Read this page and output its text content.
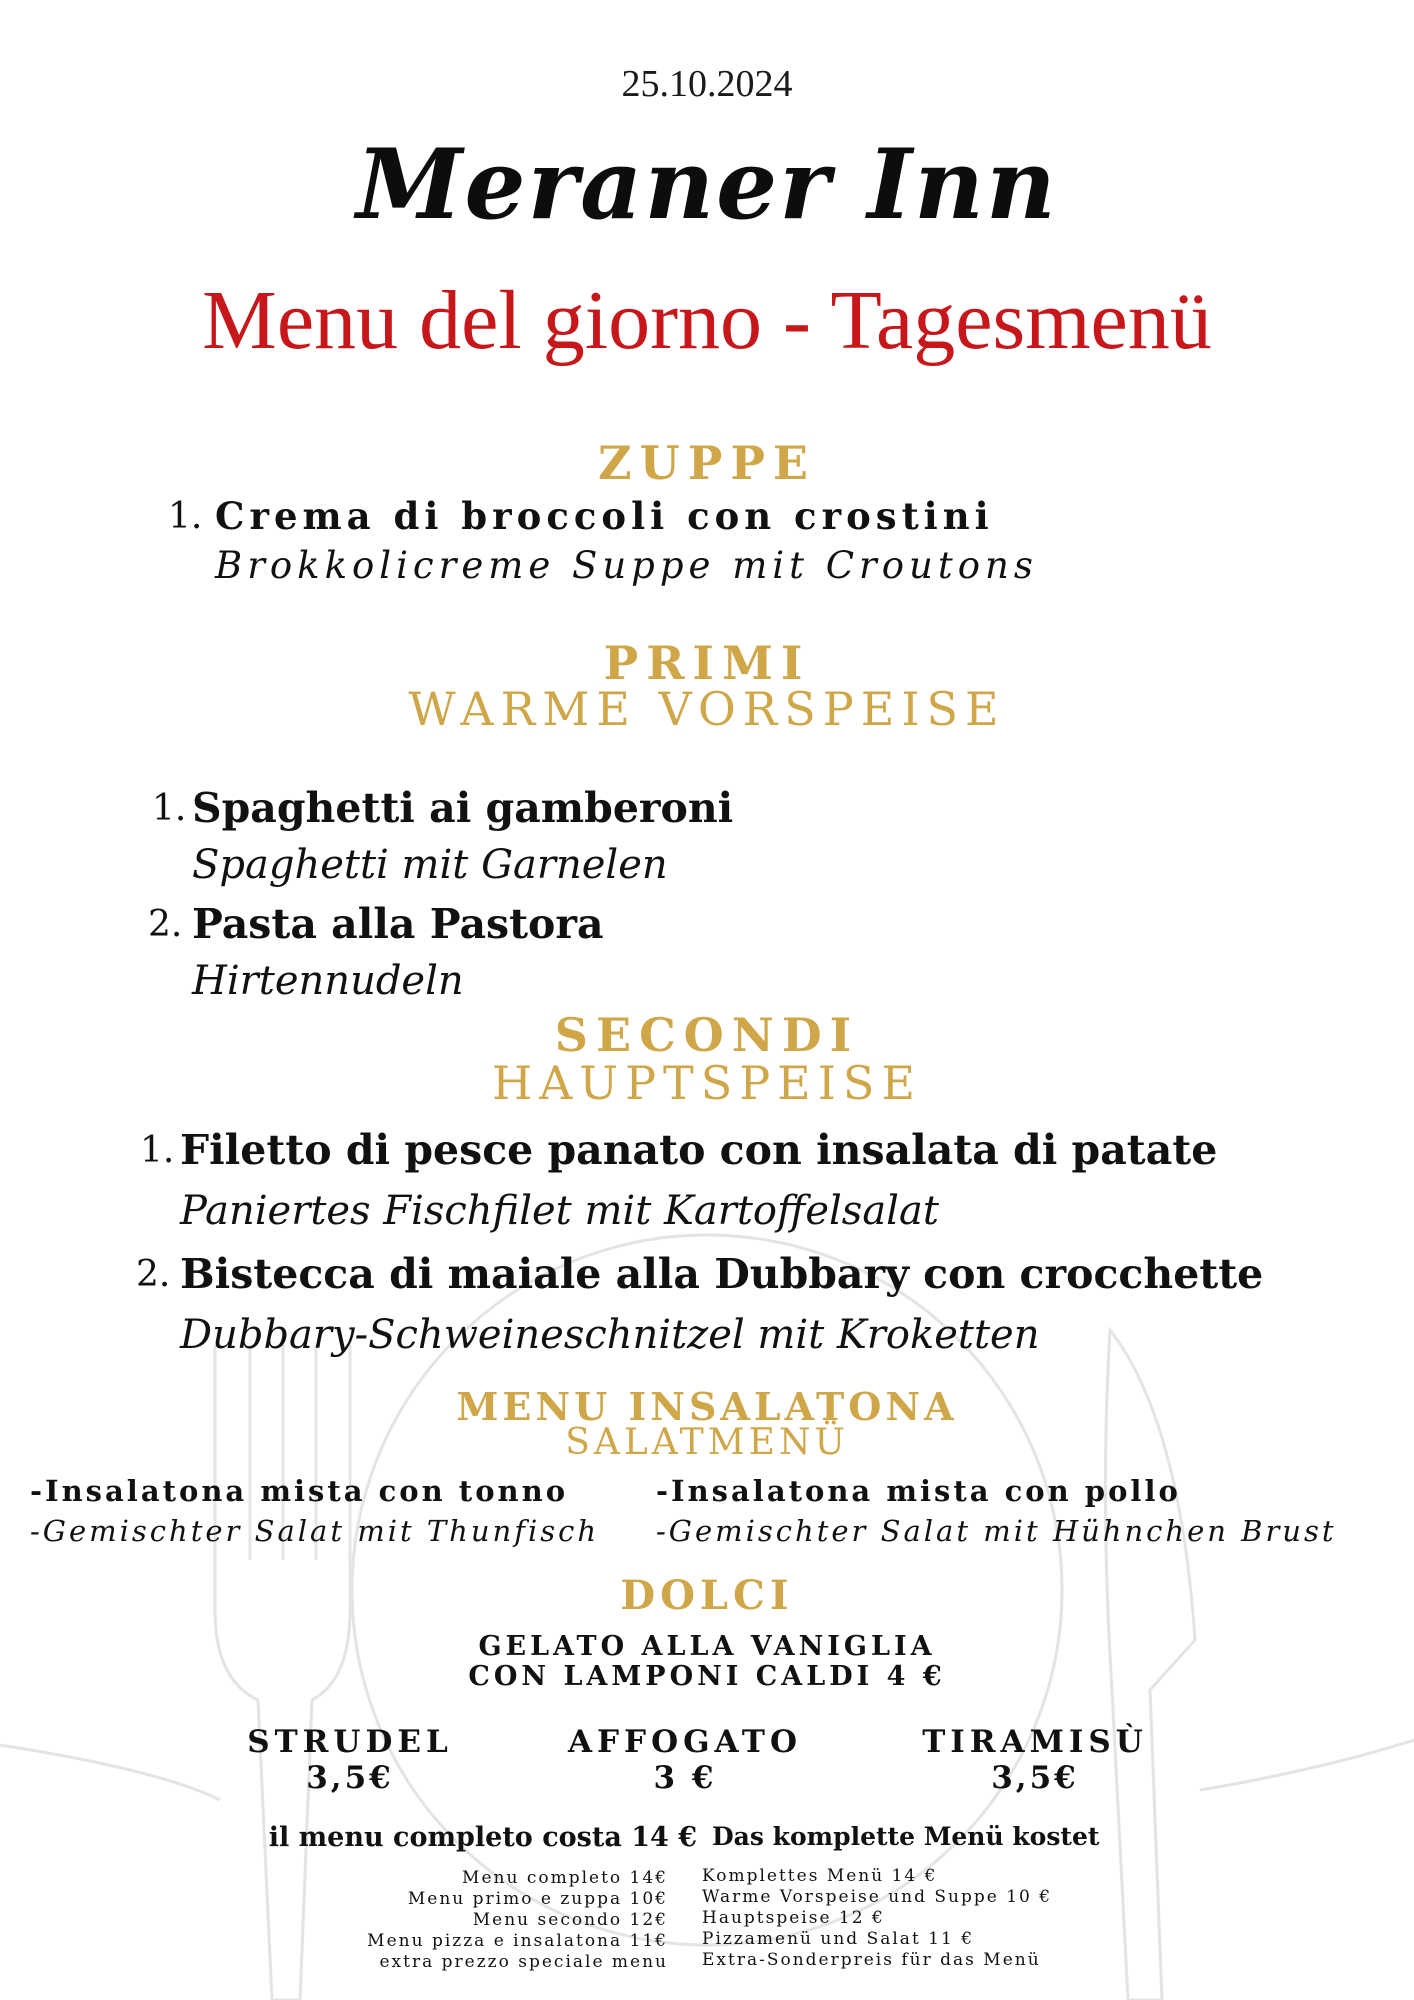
25.10.2024
Meraner Inn
Menu del giorno - Tagesmenü
ZUPPE
1. Crema di broccoli con crostini
Brokkolicreme Suppe mit Croutons
PRIMI
WARME VORSPEISE
1. Spaghetti ai gamberoni
Spaghetti mit Garnelen
2. Pasta alla Pastora
Hirtennudeln
SECONDI
HAUPTSPEISE
1. Filetto di pesce panato con insalata di patate
Paniertes Fischfilet mit Kartoffelsalat
2. Bistecca di maiale alla Dubbary con crocchette
Dubbary-Schweineschnitzel mit Kroketten
MENU INSALATONA
SALATMENÜ
-Insalatona mista con tonno
-Gemischter Salat mit Thunfisch
-Insalatona mista con pollo
-Gemischter Salat mit Hühnchen Brust
DOLCI
GELATO ALLA VANIGLIA
CON LAMPONI CALDI 4 €
STRUDEL
3,5€
AFFOGATO
3 €
TIRAMISÙ
3,5€
il menu completo costa 14 € Das komplette Menü kostet
Menu completo 14€
Menu primo e zuppa 10€
Menu secondo 12€
Menu pizza e insalatona 11€
extra prezzo speciale menu
Komplettes Menü 14 €
Warme Vorspeise und Suppe 10 €
Hauptspeise 12 €
Pizzamenü und Salat 11 €
Extra-Sonderpreis für das Menü
